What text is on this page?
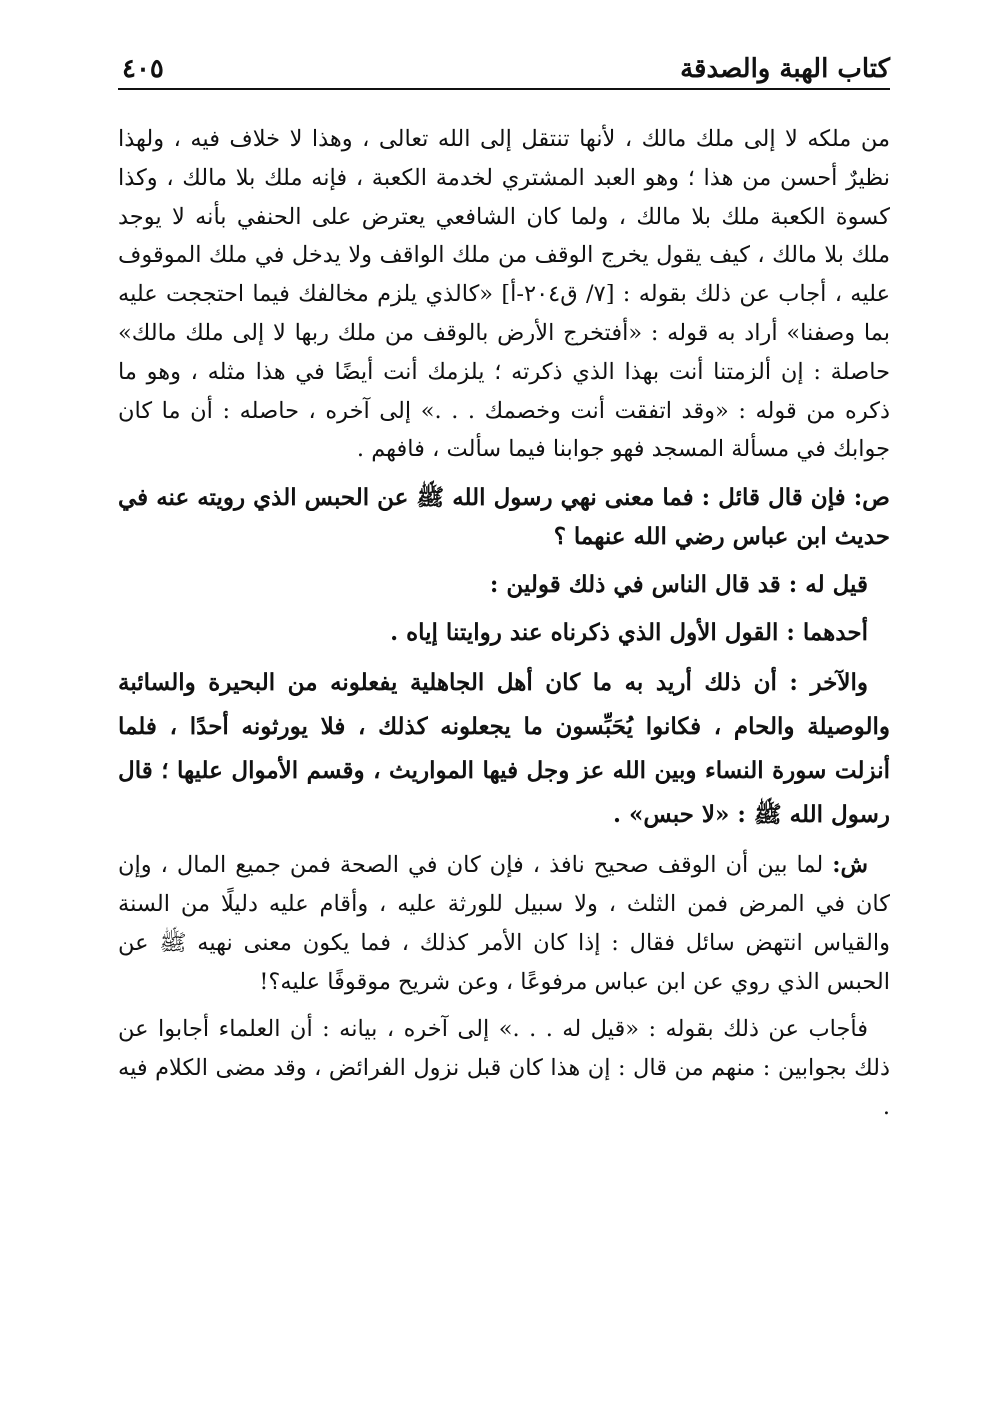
كتاب الهبة والصدقة
٤٠٥

من ملكه لا إلى ملك مالك ، لأنها تنتقل إلى الله تعالى ، وهذا لا خلاف فيه ، ولهذا نظيرٌ أحسن من هذا ؛ وهو العبد المشتري لخدمة الكعبة ، فإنه ملك بلا مالك ، وكذا كسوة الكعبة ملك بلا مالك ، ولما كان الشافعي يعترض على الحنفي بأنه لا يوجد ملك بلا مالك ، كيف يقول يخرج الوقف من ملك الواقف ولا يدخل في ملك الموقوف عليه ، أجاب عن ذلك بقوله : [٧/ ق٢٠٤-أ] «كالذي يلزم مخالفك فيما احتججت عليه بما وصفنا» أراد به قوله : «أفتخرج الأرض بالوقف من ملك ربها لا إلى ملك مالك» حاصلة : إن ألزمتنا أنت بهذا الذي ذكرته ؛ يلزمك أنت أيضًا في هذا مثله ، وهو ما ذكره من قوله : «وقد اتفقت أنت وخصمك . . .» إلى آخره ، حاصله : أن ما كان جوابك في مسألة المسجد فهو جوابنا فيما سألت ، فافهم .

ص: فإن قال قائل : فما معنى نهي رسول الله ﷺ عن الحبس الذي رويته عنه في حديث ابن عباس رضي الله عنهما ؟

قيل له : قد قال الناس في ذلك قولين :

أحدهما : القول الأول الذي ذكرناه عند روايتنا إياه .

والآخر : أن ذلك أريد به ما كان أهل الجاهلية يفعلونه من البحيرة والسائبة والوصيلة والحام ، فكانوا يُحَبِّسون ما يجعلونه كذلك ، فلا يورثونه أحدًا ، فلما أنزلت سورة النساء وبين الله عز وجل فيها المواريث ، وقسم الأموال عليها ؛ قال رسول الله ﷺ : «لا حبس» .

ش: لما بين أن الوقف صحيح نافذ ، فإن كان في الصحة فمن جميع المال ، وإن كان في المرض فمن الثلث ، ولا سبيل للورثة عليه ، وأقام عليه دليلًا من السنة والقياس انتهض سائل فقال : إذا كان الأمر كذلك ، فما يكون معنى نهيه ﷺ عن الحبس الذي روي عن ابن عباس مرفوعًا ، وعن شريح موقوفًا عليه؟!

فأجاب عن ذلك بقوله : «قيل له . . .» إلى آخره ، بيانه : أن العلماء أجابوا عن ذلك بجوابين : منهم من قال : إن هذا كان قبل نزول الفرائض ، وقد مضى الكلام فيه .
